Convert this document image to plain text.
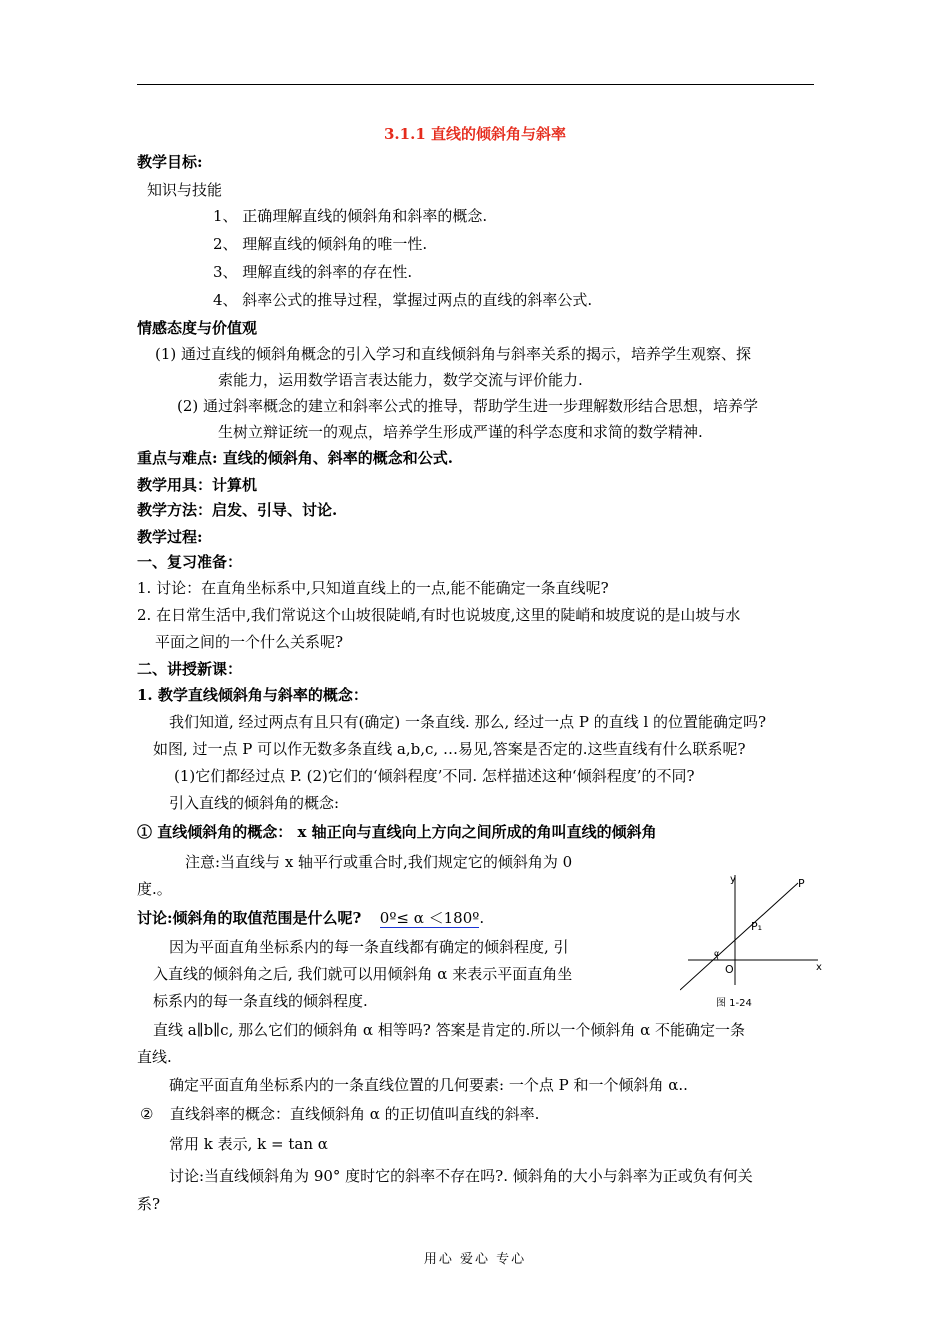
3.1.1 直线的倾斜角与斜率
教学目标:
知识与技能
1、 正确理解直线的倾斜角和斜率的概念.
2、 理解直线的倾斜角的唯一性.
3、 理解直线的斜率的存在性.
4、 斜率公式的推导过程，掌握过两点的直线的斜率公式.
情感态度与价值观
(1) 通过直线的倾斜角概念的引入学习和直线倾斜角与斜率关系的揭示，培养学生观察、探
索能力，运用数学语言表达能力，数学交流与评价能力.
(2) 通过斜率概念的建立和斜率公式的推导，帮助学生进一步理解数形结合思想，培养学
生树立辩证统一的观点，培养学生形成严谨的科学态度和求简的数学精神.
重点与难点: 直线的倾斜角、斜率的概念和公式.
教学用具：计算机
教学方法：启发、引导、讨论.
教学过程:
一、复习准备：
1. 讨论：在直角坐标系中,只知道直线上的一点,能不能确定一条直线呢?
2. 在日常生活中,我们常说这个山坡很陡峭,有时也说坡度,这里的陡峭和坡度说的是山坡与水
平面之间的一个什么关系呢?
二、讲授新课：
1. 教学直线倾斜角与斜率的概念：
我们知道, 经过两点有且只有(确定) 一条直线. 那么, 经过一点 P 的直线 l 的位置能确定吗?
如图, 过一点 P 可以作无数多条直线 a,b,c, …易见,答案是否定的.这些直线有什么联系呢?
(1)它们都经过点 P. (2)它们的‘倾斜程度’不同. 怎样描述这种‘倾斜程度’的不同?
引入直线的倾斜角的概念:
① 直线倾斜角的概念： x 轴正向与直线向上方向之间所成的角叫直线的倾斜角
注意:当直线与 x 轴平行或重合时,我们规定它的倾斜角为 0
度.。
讨论:倾斜角的取值范围是什么呢? 0º≤ α ＜180º.
因为平面直角坐标系内的每一条直线都有确定的倾斜程度, 引
入直线的倾斜角之后, 我们就可以用倾斜角 α 来表示平面直角坐
标系内的每一条直线的倾斜程度.
y
x
P
P₁
O
α
图 1-24
直线 a∥b∥c, 那么它们的倾斜角 α 相等吗? 答案是肯定的.所以一个倾斜角 α 不能确定一条
直线.
确定平面直角坐标系内的一条直线位置的几何要素: 一个点 P 和一个倾斜角 α..
② 直线斜率的概念：直线倾斜角 α 的正切值叫直线的斜率.
常用 k 表示, k = tan α
讨论:当直线倾斜角为 90° 度时它的斜率不存在吗?. 倾斜角的大小与斜率为正或负有何关
系?
用心 爱心 专心
